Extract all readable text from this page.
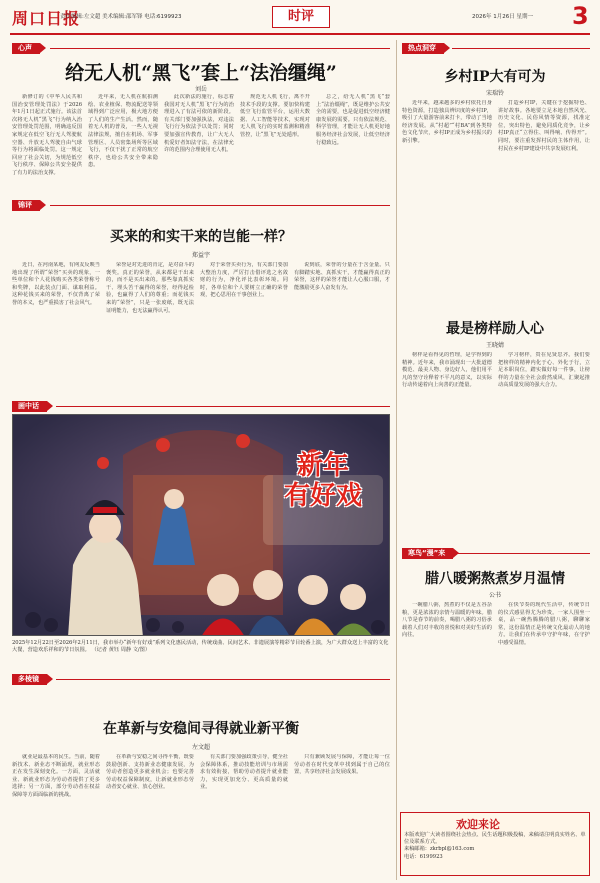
周口日报
责任编辑:左文超 美术编辑:邵军锋 电话:6199923	时评	2026年 1月26日 星期一 3
心声
给无人机“黑飞”套上“法治缰绳”
刘岳

新修订的《中华人民共和国治安管理处罚法》于2026年1月1日起正式施行。该法首次将无人机“黑飞”行为纳入治安管理处罚范围，明确违反国家规定在低空飞行无人驾驶航空器、升放无人驾驶自由气球等行为将面临处罚。这一规定回应了社会关切，为规范低空飞行秩序、保障公共安全提供了有力的法治支撑。

近年来，无人机在航拍测绘、农业植保、物流配送等领域得到广泛应用，极大地方便了人们的生产生活。然而，随着无人机的普及，一些人无视法律法规，擅自在机场、军事管理区、人员密集场所等区域飞行，不仅干扰了正常的航空秩序，也给公共安全带来隐患。

此次新法的施行，标志着我国对无人机“黑飞”行为的治理进入了有法可依的新阶段。有关部门要加强执法，对违法飞行行为依法予以处罚；同时要加强宣传教育，让广大无人机爱好者知法守法，在法律允许的范围内合理使用无人机。

规范无人机飞行，离不开技术手段的支撑。要加快构建低空飞行监管平台，运用大数据、人工智能等技术，实现对无人机飞行的实时监测和精准管控，让“黑飞”无处遁形。

总之，给无人机“黑飞”套上“法治缰绳”，既是维护公共安全的需要，也是促进低空经济健康发展的需要。只有依法规范、科学管理，才能让无人机更好地服务经济社会发展，让低空经济行稳致远。

锦评
买来的和实干来的岂能一样？
郑益宇

近日，在河南某地，有网友反映当地出现了所谓“荣誉”买卖的现象，一些单位和个人花钱购买各类荣誉称号和奖牌，以此装点门面、谋取利益。这种花钱买来的荣誉，不仅背离了荣誉的本义，也严重损害了社会风气。

荣誉是对先进的肯定，是对奋斗的褒奖。真正的荣誉，从来都是干出来的，而不是买出来的。那些靠真抓实干、埋头苦干赢得的荣誉，经得起检验，也赢得了人们的尊重；而花钱买来的“荣誉”，只是一张废纸，既无法证明能力，也无法赢得认可。

对于荣誉买卖行为，有关部门要加大整治力度，严厉打击借评选之名敛财的行为，净化评比表彰环境。同时，各单位和个人要树立正确的荣誉观，把心思用在干事创业上。

说到底，荣誉的分量在于含金量。只有脚踏实地、真抓实干，才能赢得真正的荣誉，这样的荣誉才能让人心服口服，才能激励更多人奋发有为。

画中话
新年
有好戏
2025年12月22日至2026年2月11日，我市举办“新年有好戏”系列文化惠民活动，传统戏曲、民间艺术、非遗展演等精彩节目轮番上演，为广大群众送上丰富的文化大餐，营造欢乐祥和的节日氛围。 （记者 黄钰 周静 文/图）
多棱镜
在革新与安稳间寻得就业新平衡
左文超

就业是最基本的民生。当前，随着新技术、新业态不断涌现，就业形态正在发生深刻变化。一方面，灵活就业、新就业形态为劳动者提供了更多选择；另一方面，部分劳动者在权益保障等方面面临新的挑战。

在革新与安稳之间寻得平衡，既要鼓励创新、支持新业态健康发展，为劳动者创造更多就业机会；也要完善劳动权益保障制度，让新就业形态劳动者安心就业、放心创业。

有关部门要加强政策引导，健全社会保障体系，推动技能培训与市场需求有效衔接，帮助劳动者提升就业能力，实现更加充分、更高质量的就业。

只有兼顾发展与保障，才能让每一位劳动者在时代变革中找到属于自己的位置，共享经济社会发展成果。

热点洞穿
乡村IP大有可为
宋瑞铃

近年来，越来越多的乡村依托自身特色资源，打造独具辨识度的乡村IP，吸引了大量游客前来打卡，带动了当地经济发展。从“村超”“村BA”到各类特色文化节庆，乡村IP正成为乡村振兴的新引擎。

打造乡村IP，关键在于挖掘特色、讲好故事。各地要立足本地自然风光、历史文化、民俗风情等资源，找准定位，突出特色，避免同质化竞争，让乡村IP真正“立得住、叫得响、传得开”。同时，要注重发挥村民的主体作用，让村民在乡村IP建设中共享发展红利。

最是榜样励人心
王晓婧

榜样是看得见的哲理，是学得到的精神。近年来，我市涌现出一大批道德模范、最美人物、身边好人，他们用平凡的坚守诠释着不平凡的意义，以实际行动传递着向上向善的正能量。

学习榜样，贵在见贤思齐。我们要把榜样的精神内化于心、外化于行，立足本职岗位，踏实做好每一件事，让榜样的力量在全社会蔚然成风，汇聚起推动高质量发展的强大合力。

寒鸟“漫”来
腊八暖粥熬煮岁月温情
公书

一碗腊八粥，熬煮的不仅是五谷杂粮，更是浓浓的亲情与温暖的年味。腊八节是春节的前奏，喝腊八粥的习俗承载着人们对丰收的喜悦和对美好生活的向往。

在快节奏的现代生活中，传统节日的仪式感显得尤为珍贵。一家人围坐一桌，品一碗热腾腾的腊八粥，聊聊家常，这份温情正是传统文化最动人的地方。让我们在传承中守护年味，在守护中感受温情。

欢迎来论
本版欢迎广大读者围绕社会热点、民生话题积极投稿，来稿请注明真实姓名、单位及联系方式。
来稿邮箱：zkrbpl@163.com
电话：6199923
